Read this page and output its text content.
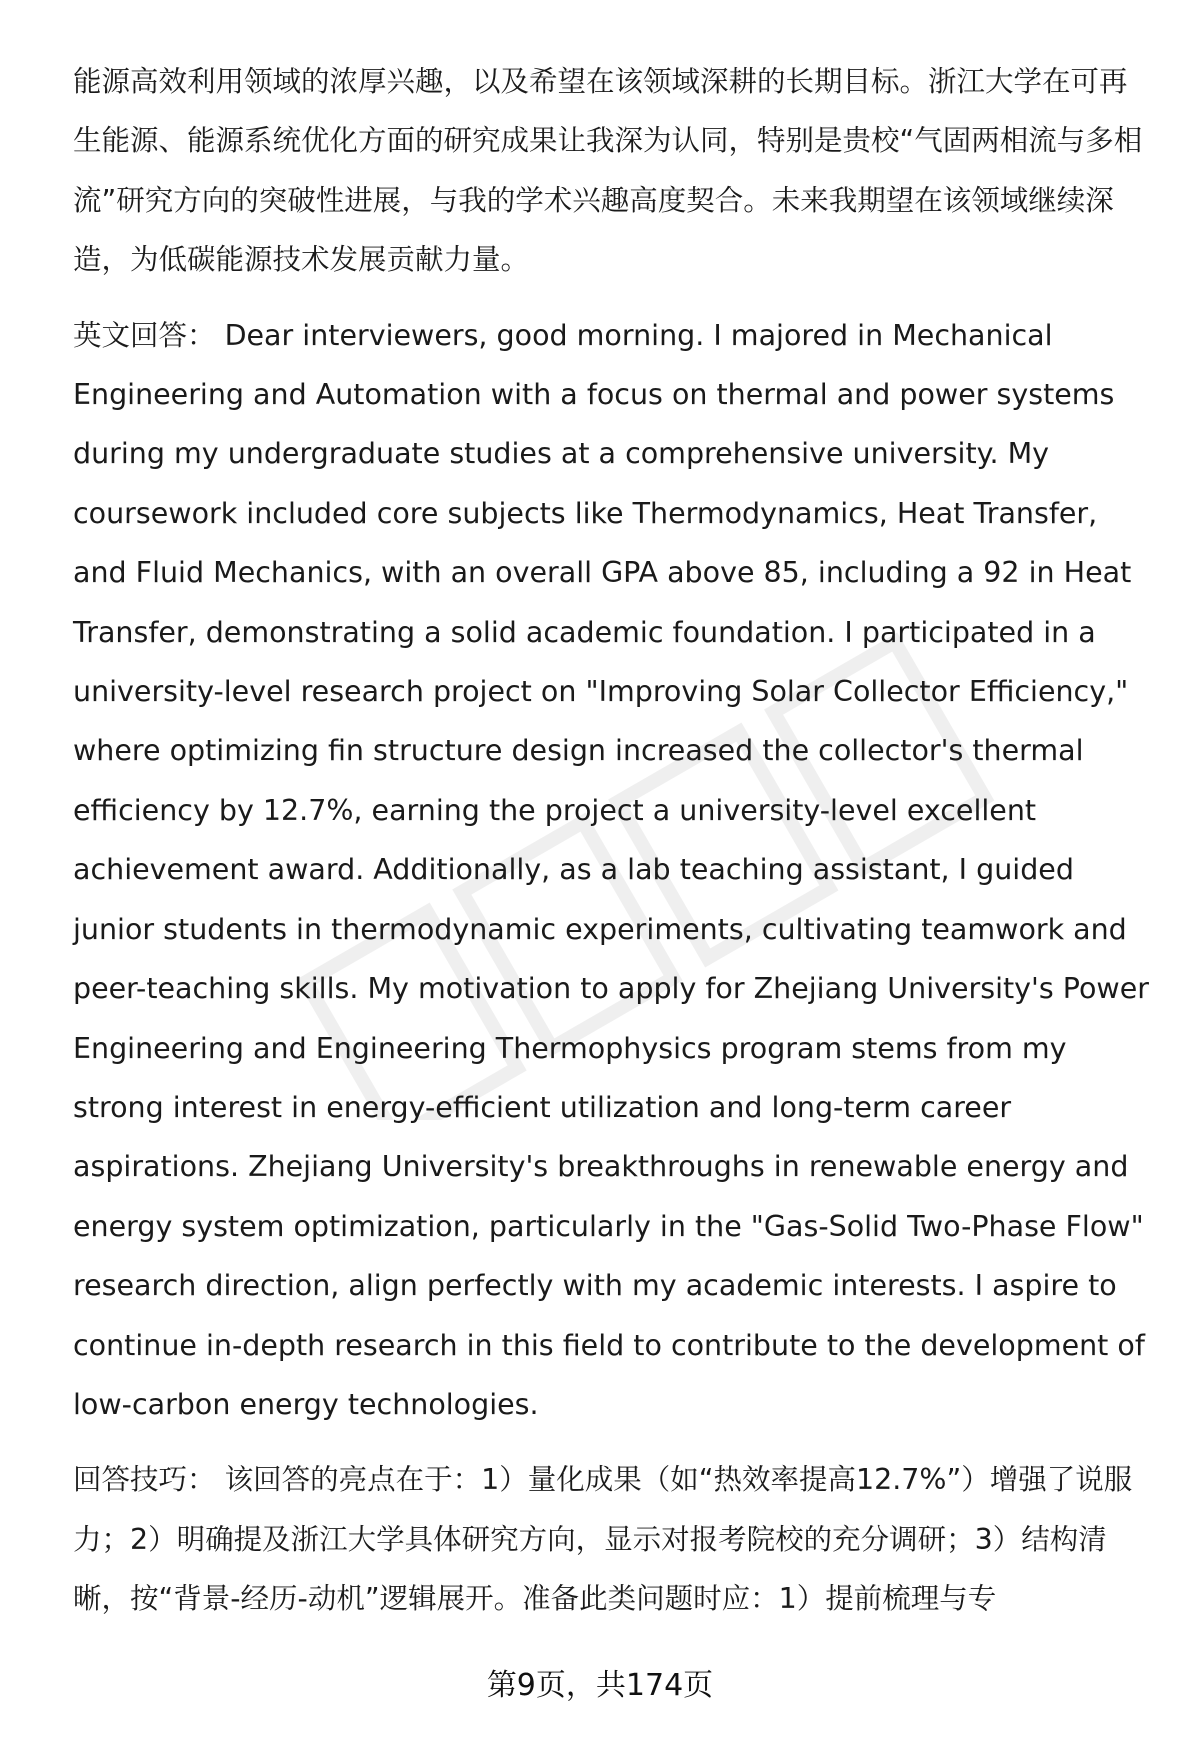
能源高效利用领域的浓厚兴趣，以及希望在该领域深耕的长期目标。浙江大学在可再生能源、能源系统优化方面的研究成果让我深为认同，特别是贵校“气固两相流与多相流”研究方向的突破性进展，与我的学术兴趣高度契合。未来我期望在该领域继续深造，为低碳能源技术发展贡献力量。

英文回答： Dear interviewers, good morning. I majored in Mechanical Engineering and Automation with a focus on thermal and power systems during my undergraduate studies at a comprehensive university. My coursework included core subjects like Thermodynamics, Heat Transfer, and Fluid Mechanics, with an overall GPA above 85, including a 92 in Heat Transfer, demonstrating a solid academic foundation. I participated in a university-level research project on "Improving Solar Collector Efficiency," where optimizing fin structure design increased the collector's thermal efficiency by 12.7%, earning the project a university-level excellent achievement award. Additionally, as a lab teaching assistant, I guided junior students in thermodynamic experiments, cultivating teamwork and peer-teaching skills. My motivation to apply for Zhejiang University's Power Engineering and Engineering Thermophysics program stems from my strong interest in energy-efficient utilization and long-term career aspirations. Zhejiang University's breakthroughs in renewable energy and energy system optimization, particularly in the "Gas-Solid Two-Phase Flow" research direction, align perfectly with my academic interests. I aspire to continue in-depth research in this field to contribute to the development of low-carbon energy technologies.

回答技巧： 该回答的亮点在于：1）量化成果（如“热效率提高12.7%”）增强了说服力；2）明确提及浙江大学具体研究方向，显示对报考院校的充分调研；3）结构清晰，按“背景-经历-动机”逻辑展开。准备此类问题时应：1）提前梳理与专

第9页，共174页
